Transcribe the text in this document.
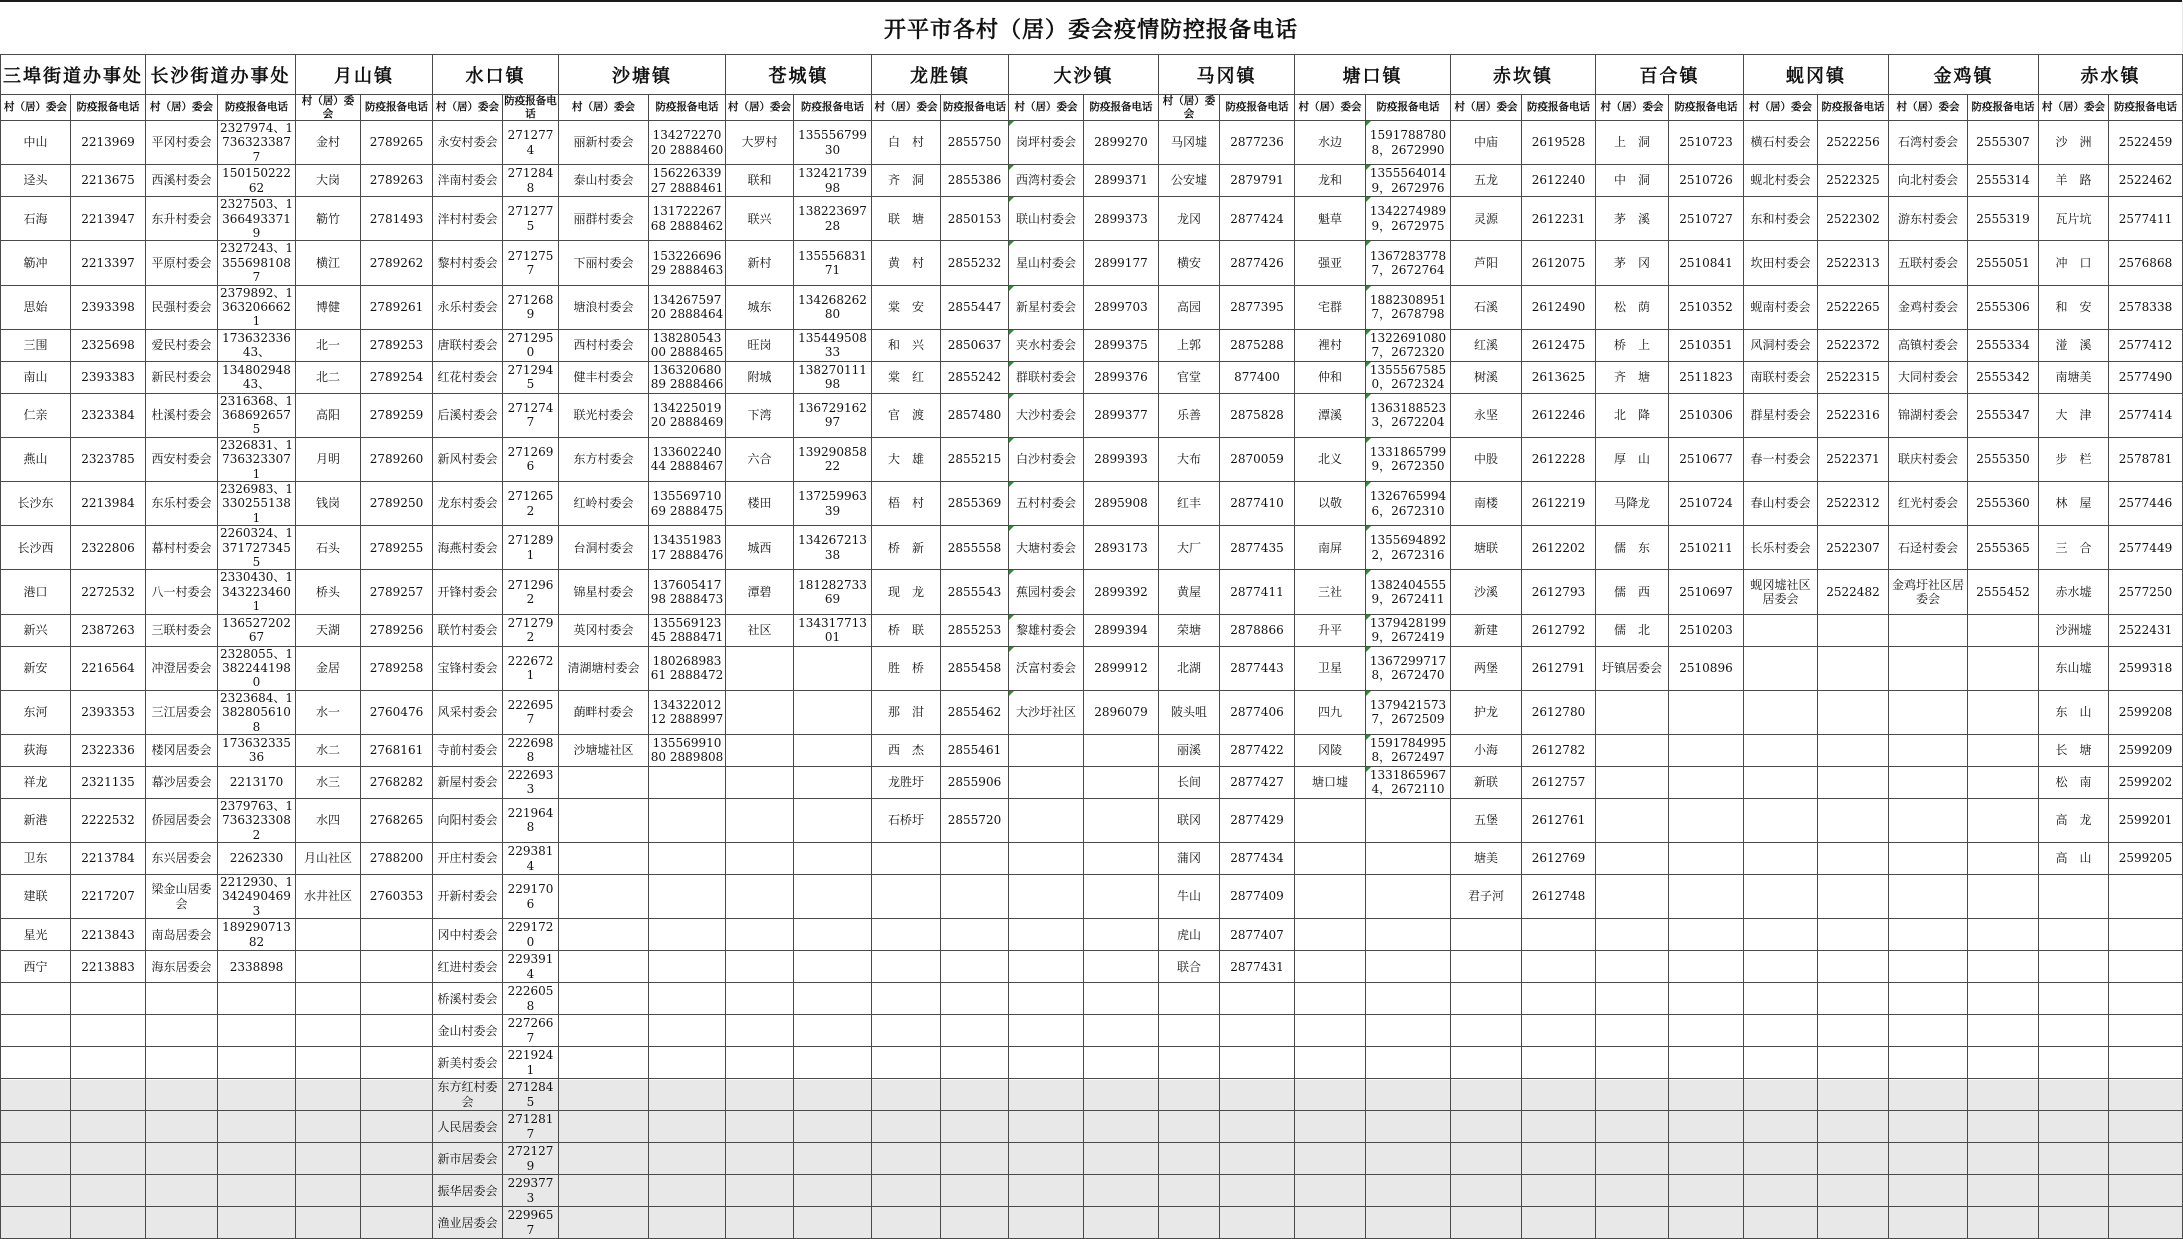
开平市各村（居）委会疫情防控报备电话
三埠街道办事处		长沙街道办事处		月山镇		水口镇		沙塘镇		苍城镇		龙胜镇		大沙镇		马冈镇		塘口镇		赤坎镇		百合镇		蚬冈镇		金鸡镇		赤水镇	
村（居）委会	防疫报备电话	村（居）委会	防疫报备电话	村（居）委会	防疫报备电话	村（居）委会	防疫报备电话	村（居）委会	防疫报备电话	村（居）委会	防疫报备电话	村（居）委会	防疫报备电话	村（居）委会	防疫报备电话	村（居）委会	防疫报备电话	村（居）委会	防疫报备电话	村（居）委会	防疫报备电话	村（居）委会	防疫报备电话	村（居）委会	防疫报备电话	村（居）委会	防疫报备电话	村（居）委会	防疫报备电话
中山	2213969	平冈村委会	2327974、17363233877	金村	2789265	永安村委会	2712774	丽新村委会	13427227020 2888460	大罗村	13555679930	白　村	2855750	岗坪村委会	2899270	马冈墟	2877236	水边	15917887808，2672990	中庙	2619528	上　洞	2510723	横石村委会	2522256	石湾村委会	2555307	沙　洲	2522459
迳头	2213675	西溪村委会	15015022262	大岗	2789263	泮南村委会	2712848	泰山村委会	15622633927 2888461	联和	13242173998	齐　洞	2855386	西湾村委会	2899371	公安墟	2879791	龙和	13555640149，2672976	五龙	2612240	中　洞	2510726	蚬北村委会	2522325	向北村委会	2555314	羊　路	2522462
石海	2213947	东升村委会	2327503、13664933719	簕竹	2781493	泮村村委会	2712775	丽群村委会	13172226768 2888462	联兴	13822369728	联　塘	2850153	联山村委会	2899373	龙冈	2877424	魁草	13422749899，2672975	灵源	2612231	茅　溪	2510727	东和村委会	2522302	游东村委会	2555319	瓦片坑	2577411
簕冲	2213397	平原村委会	2327243、13556981087	横江	2789262	黎村村委会	2712757	下丽村委会	15322669629 2888463	新村	13555683171	黄　村	2855232	星山村委会	2899177	横安	2877426	强亚	13672837787，2672764	芦阳	2612075	茅　冈	2510841	坎田村委会	2522313	五联村委会	2555051	冲　口	2576868
思始	2393398	民强村委会	2379892、13632066621	博健	2789261	永乐村委会	2712689	塘浪村委会	13426759720 2888464	城东	13426826280	棠　安	2855447	新星村委会	2899703	高园	2877395	宅群	18823089517，2678798	石溪	2612490	松　荫	2510352	蚬南村委会	2522265	金鸡村委会	2555306	和　安	2578338
三围	2325698	爱民村委会	17363233643、	北一	2789253	唐联村委会	2712950	西村村委会	13828054300 2888465	旺岗	13544950833	和　兴	2850637	夹水村委会	2899375	上郭	2875288	裡村	13226910807，2672320	红溪	2612475	桥　上	2510351	风洞村委会	2522372	高镇村委会	2555334	湴　溪	2577412
南山	2393383	新民村委会	13480294843、	北二	2789254	红花村委会	2712945	健丰村委会	13632068089 2888466	附城	13827011198	棠　红	2855242	群联村委会	2899376	官堂	877400	仲和	13555675850，2672324	树溪	2613625	齐　塘	2511823	南联村委会	2522315	大同村委会	2555342	南塘美	2577490
仁亲	2323384	杜溪村委会	2316368、13686926575	高阳	2789259	后溪村委会	2712747	联光村委会	13422501920 2888469	下湾	13672916297	官　渡	2857480	大沙村委会	2899377	乐善	2875828	潭溪	13631885233，2672204	永坚	2612246	北　降	2510306	群星村委会	2522316	锦湖村委会	2555347	大　津	2577414
燕山	2323785	西安村委会	2326831、17363233071	月明	2789260	新风村委会	2712696	东方村委会	13360224044 2888467	六合	13929085822	大　雄	2855215	白沙村委会	2899393	大布	2870059	北义	13318657999，2672350	中股	2612228	厚　山	2510677	春一村委会	2522371	联庆村委会	2555350	步　栏	2578781
长沙东	2213984	东乐村委会	2326983、13302551381	钱岗	2789250	龙东村委会	2712652	红岭村委会	13556971069 2888475	楼田	13725996339	梧　村	2855369	五村村委会	2895908	红丰	2877410	以敬	13267659946，2672310	南楼	2612219	马降龙	2510724	春山村委会	2522312	红光村委会	2555360	林　屋	2577446
长沙西	2322806	幕村村委会	2260324、13717273455	石头	2789255	海燕村委会	2712891	台洞村委会	13435198317 2888476	城西	13426721338	桥　新	2855558	大塘村委会	2893173	大厂	2877435	南屏	13556948922，2672316	塘联	2612202	儒　东	2510211	长乐村委会	2522307	石迳村委会	2555365	三　合	2577449
港口	2272532	八一村委会	2330430、13432234601	桥头	2789257	开锋村委会	2712962	锦星村委会	13760541798 2888473	潭碧	18128273369	现　龙	2855543	蕉园村委会	2899392	黄屋	2877411	三社	13824045559，2672411	沙溪	2612793	儒　西	2510697	蚬冈墟社区居委会	2522482	金鸡圩社区居委会	2555452	赤水墟	2577250
新兴	2387263	三联村委会	13652720267	天湖	2789256	联竹村委会	2712792	英冈村委会	13556912345 2888471	社区	13431771301	桥　联	2855253	黎雄村委会	2899394	荣塘	2878866	升平	13794281999，2672419	新建	2612792	儒　北	2510203					沙洲墟	2522431
新安	2216564	冲澄居委会	2328055、13822441980	金居	2789258	宝锋村委会	2226721	清湖塘村委会	18026898361 2888472			胜　桥	2855458	沃富村委会	2899912	北湖	2877443	卫星	13672997178，2672470	两堡	2612791	圩镇居委会	2510896					东山墟	2599318
东河	2393353	三江居委会	2323684、13828056108	水一	2760476	风采村委会	2226957	蓢畔村委会	13432201212 2888997			那　泔	2855462	大沙圩社区	2896079	陂头咀	2877406	四九	13794215737，2672509	护龙	2612780							东　山	2599208
荻海	2322336	楼冈居委会	17363233536	水二	2768161	寺前村委会	2226988	沙塘墟社区	13556991080 2889808			西　杰	2855461			丽溪	2877422	冈陵	15917849958，2672497	小海	2612782							长　塘	2599209
祥龙	2321135	幕沙居委会	2213170	水三	2768282	新屋村委会	2226933					龙胜圩	2855906			长间	2877427	塘口墟	13318659674，2672110	新联	2612757							松　南	2599202
新港	2222532	侨园居委会	2379763、17363233082	水四	2768265	向阳村委会	2219648					石桥圩	2855720			联冈	2877429			五堡	2612761							高　龙	2599201
卫东	2213784	东兴居委会	2262330	月山社区	2788200	开庄村委会	2293814									蒲冈	2877434			塘美	2612769							高　山	2599205
建联	2217207	梁金山居委会	2212930、13424904693	水井社区	2760353	开新村委会	2291706									牛山	2877409			君子河	2612748								
星光	2213843	南岛居委会	18929071382			冈中村委会	2291720									虎山	2877407												
西宁	2213883	海东居委会	2338898			红进村委会	2293914									联合	2877431												
						桥溪村委会	2226058																						
						金山村委会	2272667																						
						新美村委会	2219241																						
						东方红村委会	2712845																						
						人民居委会	2712817																						
						新市居委会	2721279																						
						振华居委会	2293773																						
						渔业居委会	2299657																						
